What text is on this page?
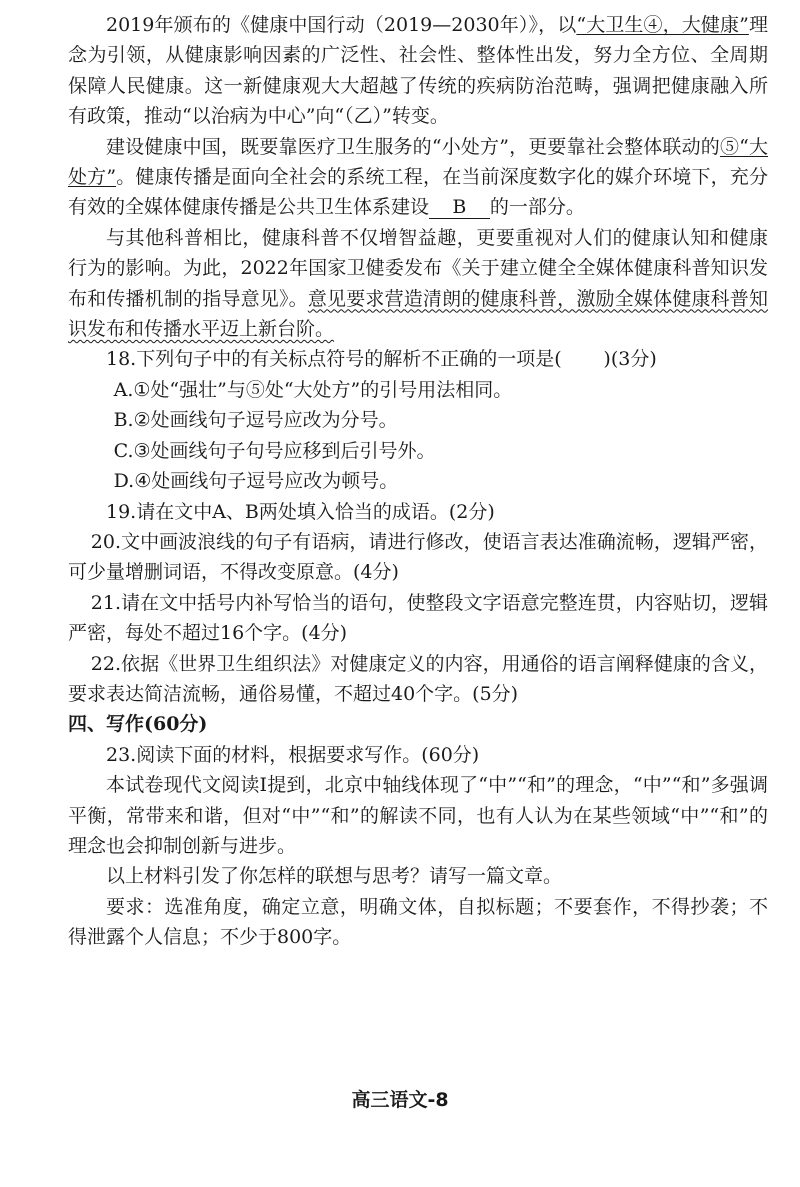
2019年颁布的《健康中国行动（2019—2030年）》，以“大卫生④，大健康”理念为引领，从健康影响因素的广泛性、社会性、整体性出发，努力全方位、全周期保障人民健康。这一新健康观大大超越了传统的疾病防治范畴，强调把健康融入所有政策，推动“以治病为中心”向“（乙）”转变。

建设健康中国，既要靠医疗卫生服务的“小处方”，更要靠社会整体联动的⑤“大处方”。健康传播是面向全社会的系统工程，在当前深度数字化的媒介环境下，充分有效的全媒体健康传播是公共卫生体系建设 B 的一部分。

与其他科普相比，健康科普不仅增智益趣，更要重视对人们的健康认知和健康行为的影响。为此，2022年国家卫健委发布《关于建立健全全媒体健康科普知识发布和传播机制的指导意见》。意见要求营造清朗的健康科普，激励全媒体健康科普知识发布和传播水平迈上新台阶。

18.下列句子中的有关标点符号的解析不正确的一项是( )(3分)

A.①处“强壮”与⑤处“大处方”的引号用法相同。

B.②处画线句子逗号应改为分号。

C.③处画线句子句号应移到后引号外。

D.④处画线句子逗号应改为顿号。

19.请在文中A、B两处填入恰当的成语。(2分)

20.文中画波浪线的句子有语病，请进行修改，使语言表达准确流畅，逻辑严密，可少量增删词语，不得改变原意。(4分)

21.请在文中括号内补写恰当的语句，使整段文字语意完整连贯，内容贴切，逻辑严密，每处不超过16个字。(4分)

22.依据《世界卫生组织法》对健康定义的内容，用通俗的语言阐释健康的含义，要求表达简洁流畅，通俗易懂，不超过40个字。(5分)

四、写作(60分)

23.阅读下面的材料，根据要求写作。(60分)

本试卷现代文阅读Ⅰ提到，北京中轴线体现了“中”“和”的理念，“中”“和”多强调平衡，常带来和谐，但对“中”“和”的解读不同，也有人认为在某些领域“中”“和”的理念也会抑制创新与进步。

以上材料引发了你怎样的联想与思考？请写一篇文章。

要求：选准角度，确定立意，明确文体，自拟标题；不要套作，不得抄袭；不得泄露个人信息；不少于800字。

高三语文-8
